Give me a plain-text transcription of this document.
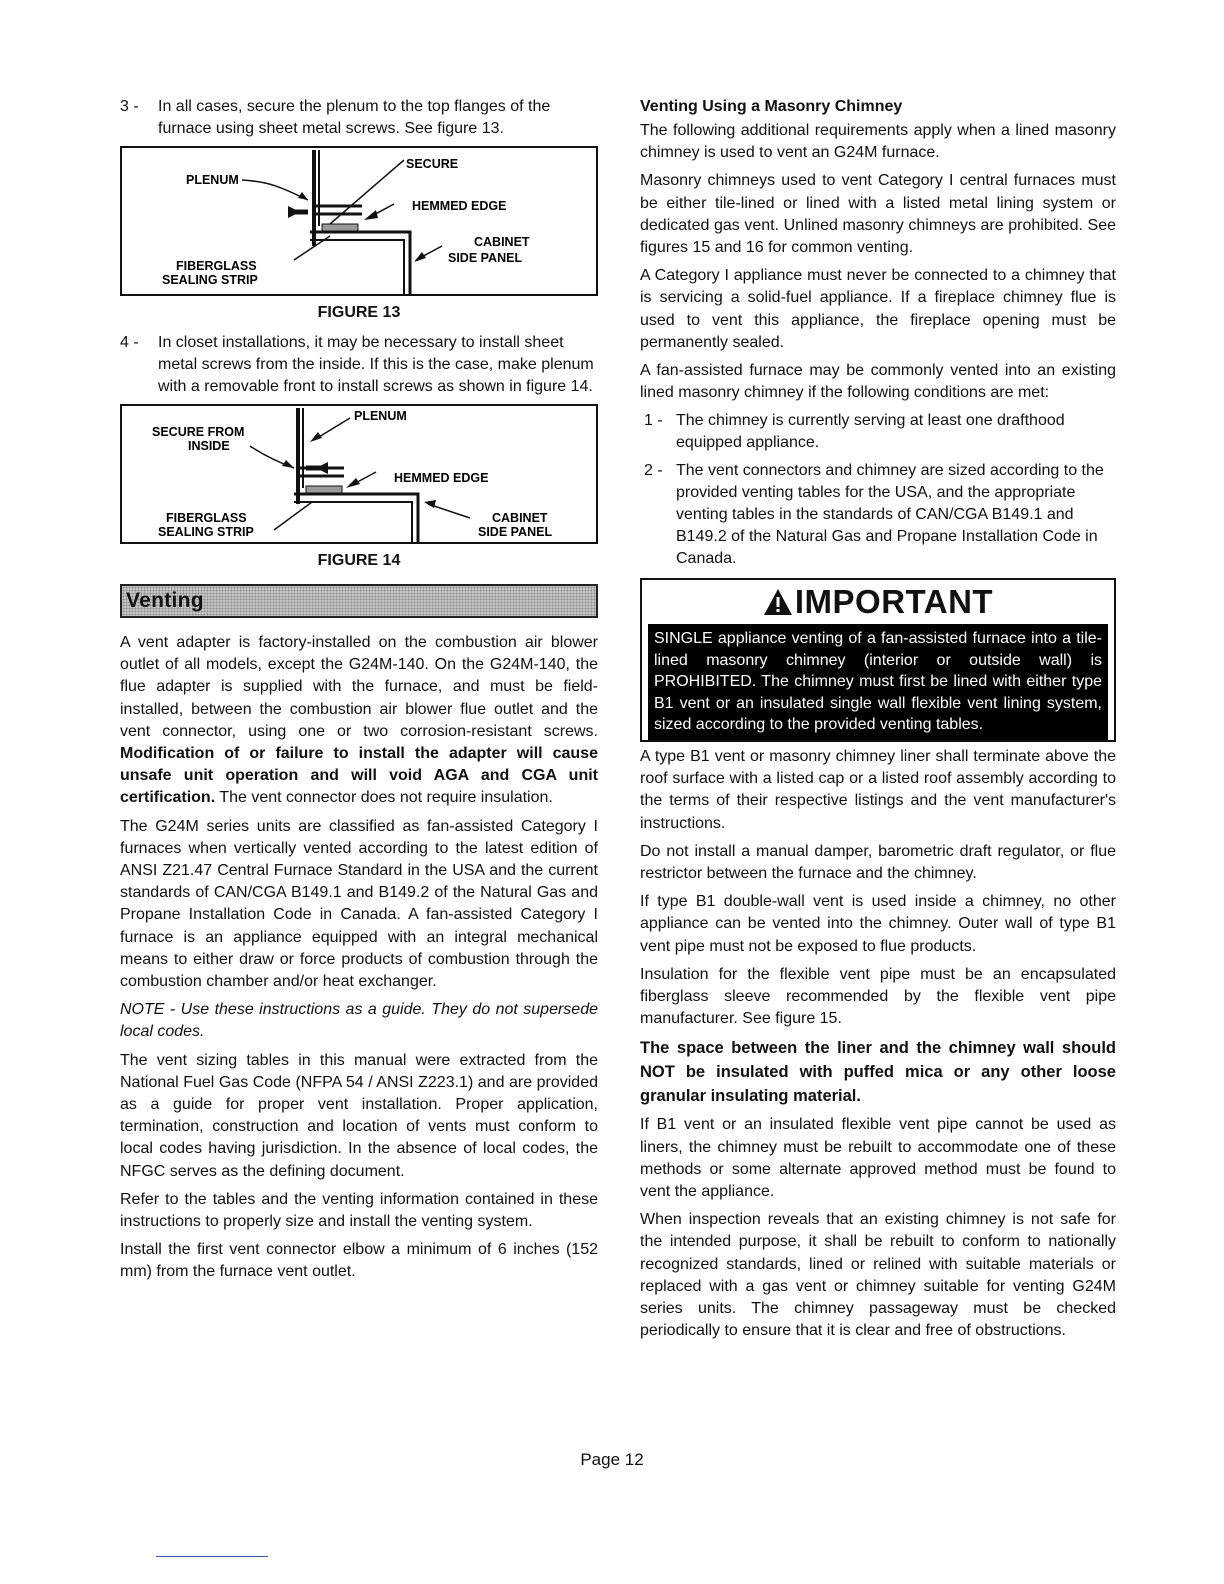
3 -	In all cases, secure the plenum to the top flanges of the furnace using sheet metal screws. See figure 13.
PLENUM
SECURE
HEMMED EDGE
CABINET
SIDE PANEL
FIBERGLASS
SEALING STRIP
FIGURE 13
4 -	In closet installations, it may be necessary to install sheet metal screws from the inside. If this is the case, make plenum with a removable front to install screws as shown in figure 14.
SECURE FROM
INSIDE
PLENUM
HEMMED EDGE
FIBERGLASS
SEALING STRIP
CABINET
SIDE PANEL
FIGURE 14
Venting

A vent adapter is factory-installed on the combustion air blower outlet of all models, except the G24M-140. On the G24M-140, the flue adapter is supplied with the furnace, and must be field-installed, between the combustion air blower flue outlet and the vent connector, using one or two corrosion-resistant screws. Modification of or failure to install the adapter will cause unsafe unit operation and will void AGA and CGA unit certification. The vent connector does not require insulation.

The G24M series units are classified as fan-assisted Category I furnaces when vertically vented according to the latest edition of ANSI Z21.47 Central Furnace Standard in the USA and the current standards of CAN/CGA B149.1 and B149.2 of the Natural Gas and Propane Installation Code in Canada. A fan-assisted Category I furnace is an appliance equipped with an integral mechanical means to either draw or force products of combustion through the combustion chamber and/or heat exchanger.

NOTE - Use these instructions as a guide. They do not supersede local codes.

The vent sizing tables in this manual were extracted from the National Fuel Gas Code (NFPA 54 / ANSI Z223.1) and are provided as a guide for proper vent installation. Proper application, termination, construction and location of vents must conform to local codes having jurisdiction. In the absence of local codes, the NFGC serves as the defining document.

Refer to the tables and the venting information contained in these instructions to properly size and install the venting system.

Install the first vent connector elbow a minimum of 6 inches (152 mm) from the furnace vent outlet.

Venting Using a Masonry Chimney

The following additional requirements apply when a lined masonry chimney is used to vent an G24M furnace.

Masonry chimneys used to vent Category I central furnaces must be either tile-lined or lined with a listed metal lining system or dedicated gas vent. Unlined masonry chimneys are prohibited. See figures 15 and 16 for common venting.

A Category I appliance must never be connected to a chimney that is servicing a solid-fuel appliance. If a fireplace chimney flue is used to vent this appliance, the fireplace opening must be permanently sealed.

A fan-assisted furnace may be commonly vented into an existing lined masonry chimney if the following conditions are met:

1 - The chimney is currently serving at least one drafthood equipped appliance.
2 - The vent connectors and chimney are sized according to the provided venting tables for the USA, and the appropriate venting tables in the standards of CAN/CGA B149.1 and B149.2 of the Natural Gas and Propane Installation Code in Canada.
IMPORTANT
SINGLE appliance venting of a fan-assisted furnace into a tile-lined masonry chimney (interior or outside wall) is PROHIBITED. The chimney must first be lined with either type B1 vent or an insulated single wall flexible vent lining system, sized according to the provided venting tables.

A type B1 vent or masonry chimney liner shall terminate above the roof surface with a listed cap or a listed roof assembly according to the terms of their respective listings and the vent manufacturer's instructions.

Do not install a manual damper, barometric draft regulator, or flue restrictor between the furnace and the chimney.

If type B1 double-wall vent is used inside a chimney, no other appliance can be vented into the chimney. Outer wall of type B1 vent pipe must not be exposed to flue products.

Insulation for the flexible vent pipe must be an encapsulated fiberglass sleeve recommended by the flexible vent pipe manufacturer. See figure 15.

The space between the liner and the chimney wall should NOT be insulated with puffed mica or any other loose granular insulating material.

If B1 vent or an insulated flexible vent pipe cannot be used as liners, the chimney must be rebuilt to accommodate one of these methods or some alternate approved method must be found to vent the appliance.

When inspection reveals that an existing chimney is not safe for the intended purpose, it shall be rebuilt to conform to nationally recognized standards, lined or relined with suitable materials or replaced with a gas vent or chimney suitable for venting G24M series units. The chimney passageway must be checked periodically to ensure that it is clear and free of obstructions.

Page 12
